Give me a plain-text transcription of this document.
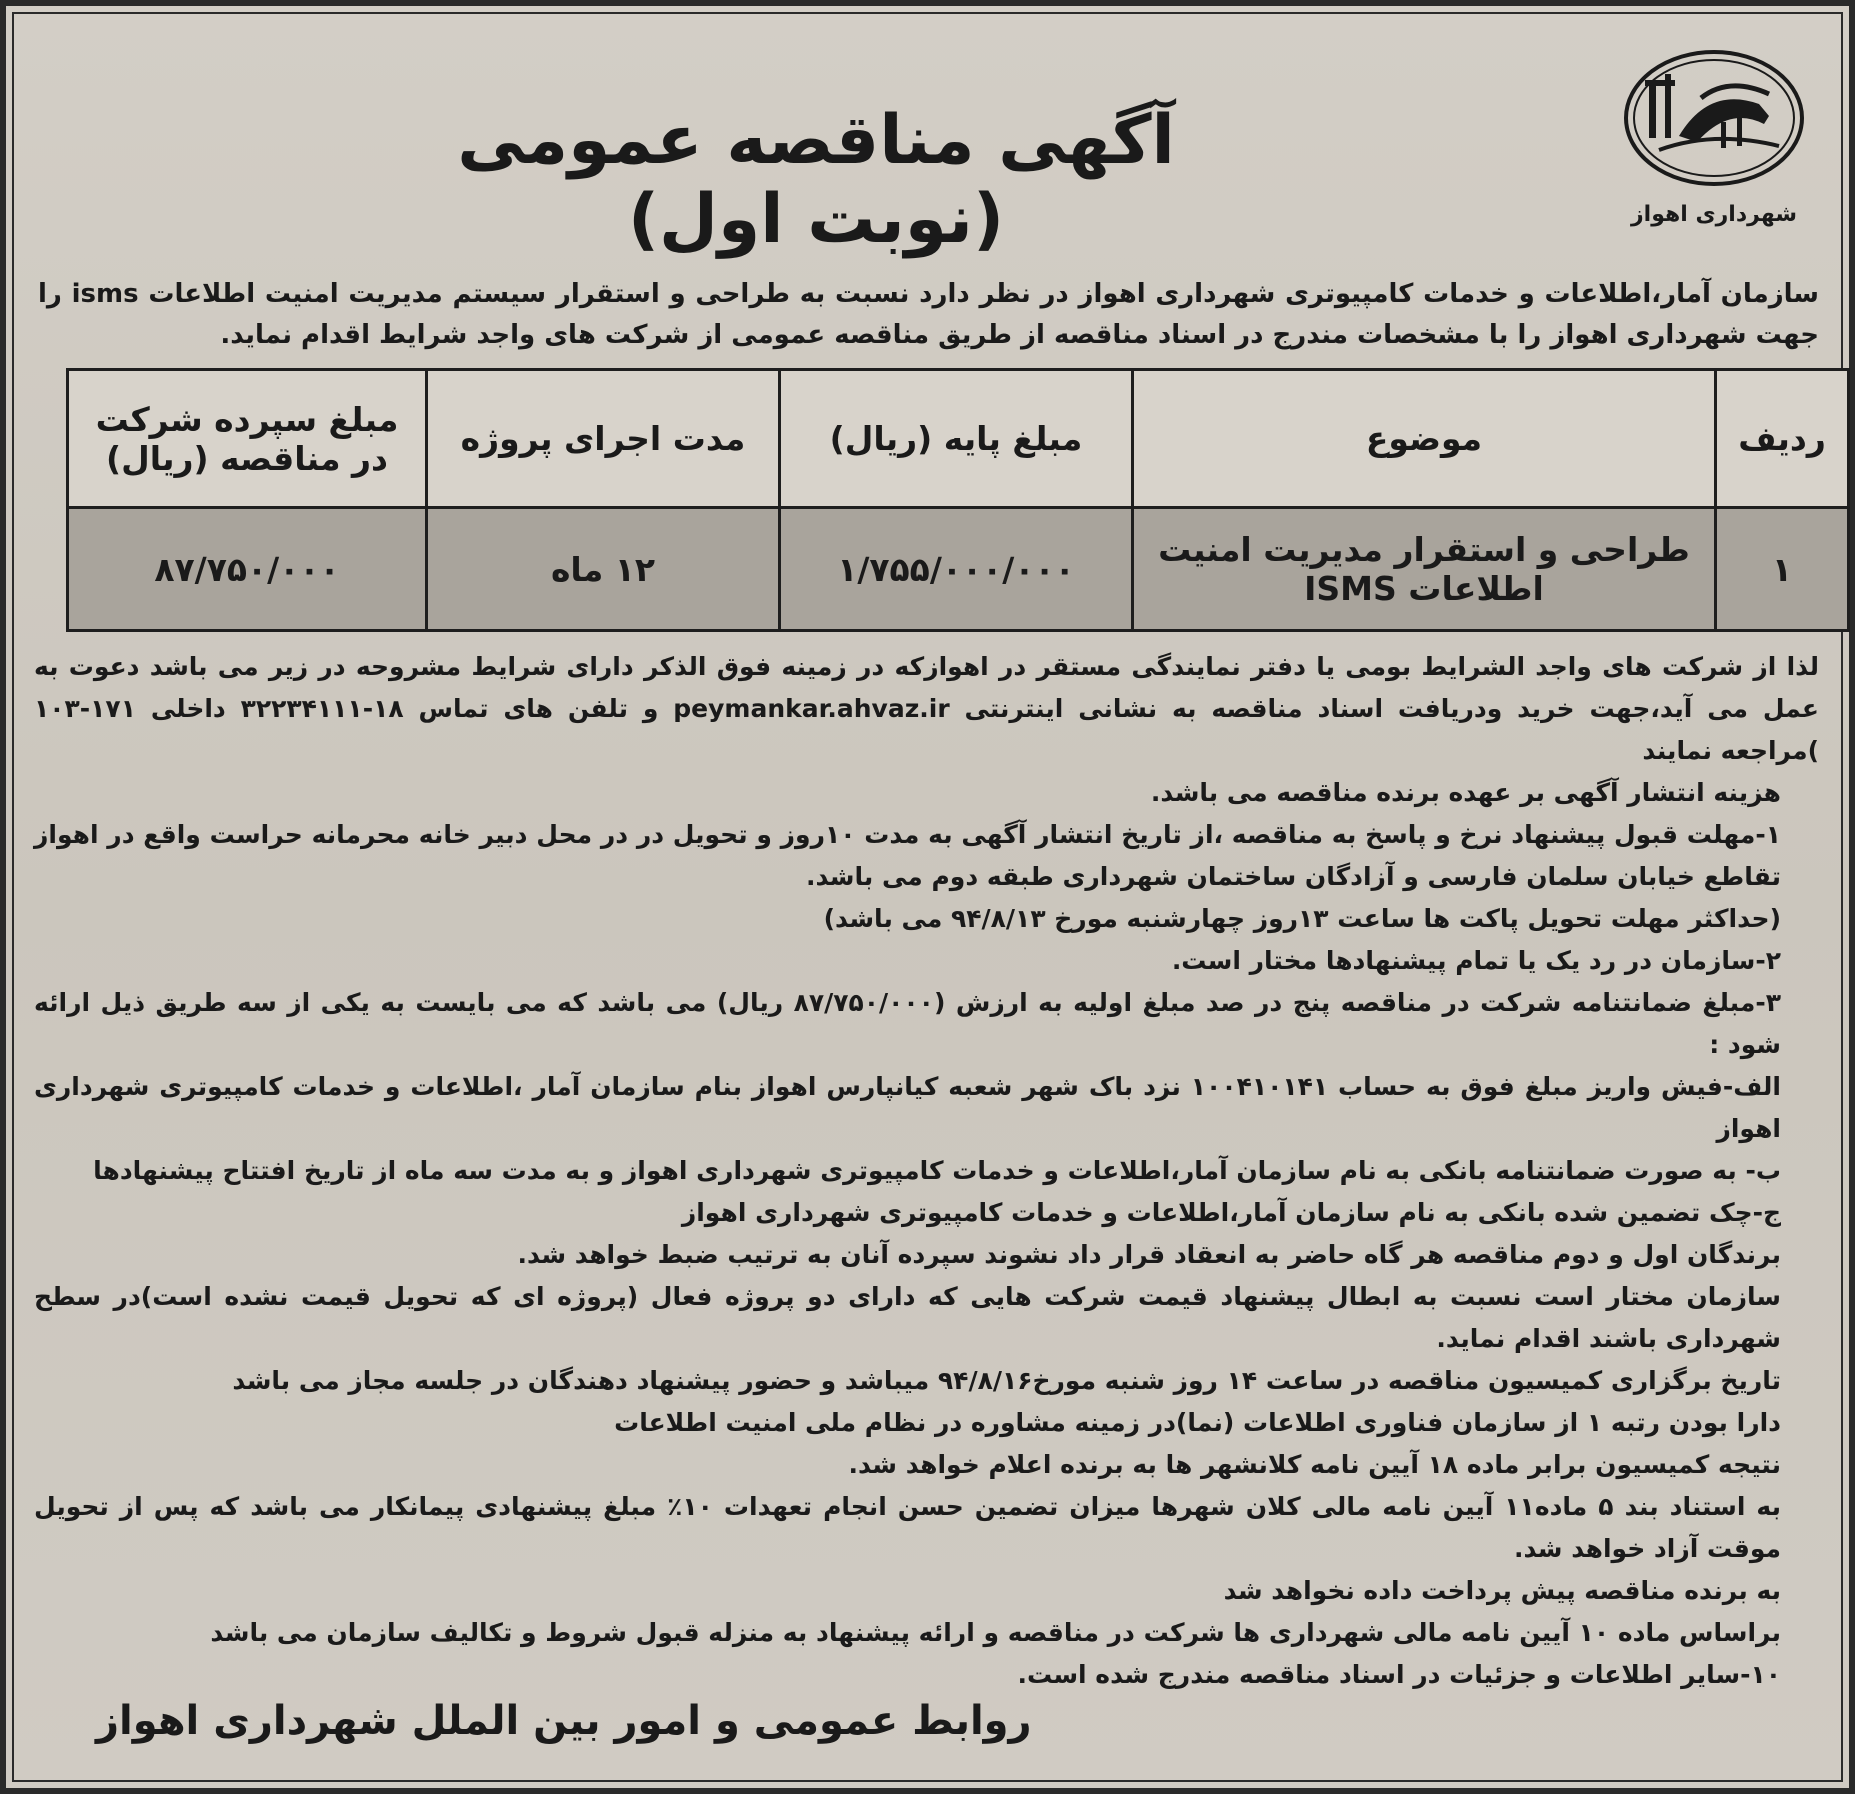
شهرداری اهواز
آگهی مناقصه عمومی (نوبت اول)
سازمان آمار،اطلاعات و خدمات کامپیوتری شهرداری اهواز در نظر دارد نسبت به طراحی و استقرار سیستم مدیریت امنیت اطلاعات isms را جهت شهرداری اهواز را با مشخصات مندرج در اسناد مناقصه از طریق مناقصه عمومی از شرکت های واجد شرایط اقدام نماید.
ردیف	موضوع	مبلغ پایه (ریال)	مدت اجرای پروژه	مبلغ سپرده شرکت در مناقصه (ریال)
۱	طراحی و استقرار مدیریت امنیت اطلاعات ISMS	۱/۷۵۵/۰۰۰/۰۰۰	۱۲ ماه	۸۷/۷۵۰/۰۰۰

لذا از شرکت های واجد الشرایط بومی یا دفتر نمایندگی مستقر در اهوازکه در زمینه فوق الذکر دارای شرایط مشروحه در زیر می باشد دعوت به عمل می آید،جهت خرید ودریافت اسناد مناقصه به نشانی اینترنتی peymankar.ahvaz.ir و تلفن های تماس ۱۸-۳۲۲۳۴۱۱۱ داخلی ۱۷۱-۱۰۳ )مراجعه نمایند

هزینه انتشار آگهی بر عهده برنده مناقصه می باشد.

۱-مهلت قبول پیشنهاد نرخ و پاسخ به مناقصه ،از تاریخ انتشار آگهی به مدت ۱۰روز و تحویل در در محل دبیر خانه محرمانه حراست واقع در اهواز تقاطع خیابان سلمان فارسی و آزادگان ساختمان شهرداری طبقه دوم می باشد.

(حداکثر مهلت تحویل پاکت ها ساعت ۱۳روز چهارشنبه مورخ ۹۴/۸/۱۳ می باشد)

۲-سازمان در رد یک یا تمام پیشنهادها مختار است.

۳-مبلغ ضمانتنامه شرکت در مناقصه پنج در صد مبلغ اولیه به ارزش (۸۷/۷۵۰/۰۰۰ ریال) می باشد که می بایست به یکی از سه طریق ذیل ارائه شود :

الف-فیش واریز مبلغ فوق به حساب ۱۰۰۴۱۰۱۴۱ نزد باک شهر شعبه کیانپارس اهواز بنام سازمان آمار ،اطلاعات و خدمات کامپیوتری شهرداری اهواز

ب- به صورت ضمانتنامه بانکی به نام سازمان آمار،اطلاعات و خدمات کامپیوتری شهرداری اهواز و به مدت سه ماه از تاریخ افتتاح پیشنهادها

ج-چک تضمین شده بانکی به نام سازمان آمار،اطلاعات و خدمات کامپیوتری شهرداری اهواز

برندگان اول و دوم مناقصه هر گاه حاضر به انعقاد قرار داد نشوند سپرده آنان به ترتیب ضبط خواهد شد.

سازمان مختار است نسبت به ابطال پیشنهاد قیمت شرکت هایی که دارای دو پروژه فعال (پروژه ای که تحویل قیمت نشده است)در سطح شهرداری باشند اقدام نماید.

تاریخ برگزاری کمیسیون مناقصه در ساعت ۱۴ روز شنبه مورخ۹۴/۸/۱۶ میباشد و حضور پیشنهاد دهندگان در جلسه مجاز می باشد

دارا بودن رتبه ۱ از سازمان فناوری اطلاعات (نما)در زمینه مشاوره در نظام ملی امنیت اطلاعات

نتیجه کمیسیون برابر ماده ۱۸ آیین نامه کلانشهر ها به برنده اعلام خواهد شد.

به استناد بند ۵ ماده۱۱ آیین نامه مالی کلان شهرها میزان تضمین حسن انجام تعهدات ۱۰٪ مبلغ پیشنهادی پیمانکار می باشد که پس از تحویل موقت آزاد خواهد شد.

به برنده مناقصه پیش پرداخت داده نخواهد شد

براساس ماده ۱۰ آیین نامه مالی شهرداری ها شرکت در مناقصه و ارائه پیشنهاد به منزله قبول شروط و تکالیف سازمان می باشد

۱۰-سایر اطلاعات و جزئیات در اسناد مناقصه مندرج شده است.

روابط عمومی و امور بین الملل شهرداری اهواز
